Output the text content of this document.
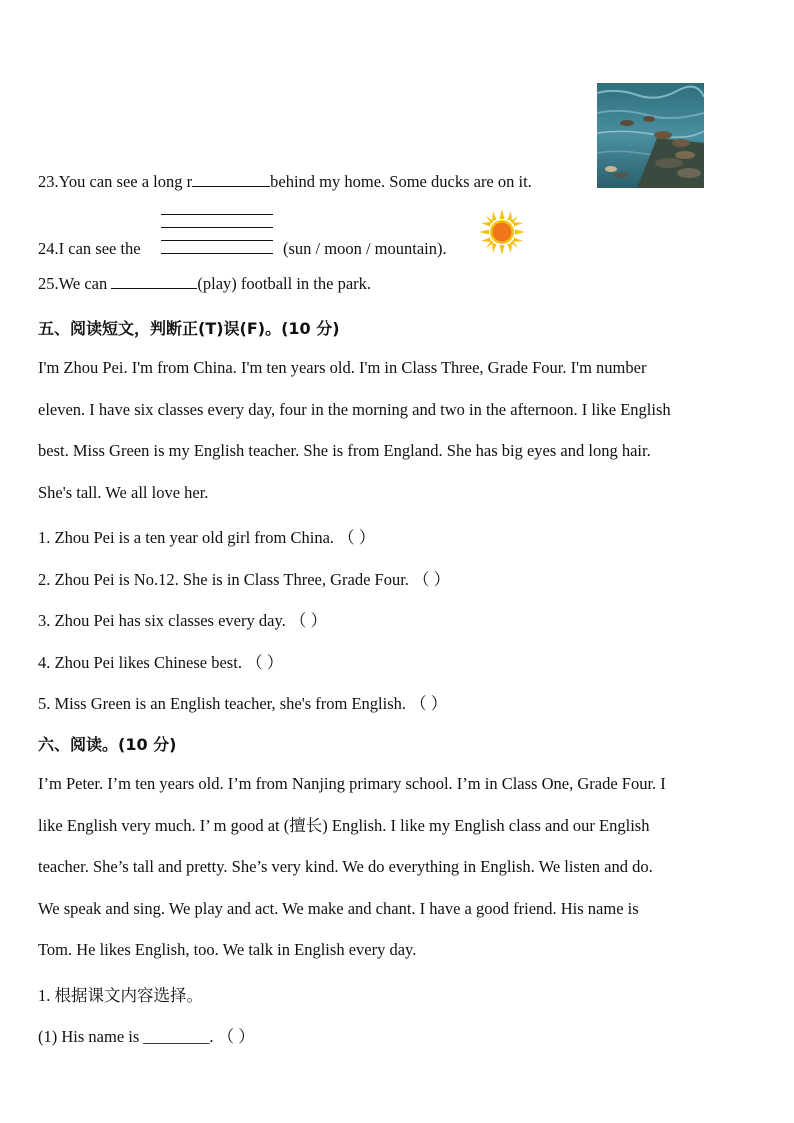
23.You can see a long r	behind my home. Some ducks are on it.
24.I can see the	(sun / moon / mountain).
25.We can	(play) football in the park.
五、阅读短文，判断正(T)误(F)。(10 分)
I'm Zhou Pei. I'm from China. I'm ten years old. I'm in Class Three, Grade Four. I'm number
eleven. I have six classes every day, four in the morning and two in the afternoon. I like English
best. Miss Green is my English teacher. She is from England. She has big eyes and long hair.
She's tall. We all love her.
1. Zhou Pei is a ten year old girl from China. （ ）
2. Zhou Pei is No.12. She is in Class Three, Grade Four. （ ）
3. Zhou Pei has six classes every day. （ ）
4. Zhou Pei likes Chinese best. （ ）
5. Miss Green is an English teacher, she's from English. （ ）
六、阅读。(10 分)
I’m Peter. I’m ten years old. I’m from Nanjing primary school. I’m in Class One, Grade Four. I
like English very much. I’ m good at (擅长) English. I like my English class and our English
teacher. She’s tall and pretty. She’s very kind. We do everything in English. We listen and do.
We speak and sing. We play and act. We make and chant. I have a good friend. His name is
Tom. He likes English, too. We talk in English every day.
1. 根据课文内容选择。
(1) His name is ________. （ ）
